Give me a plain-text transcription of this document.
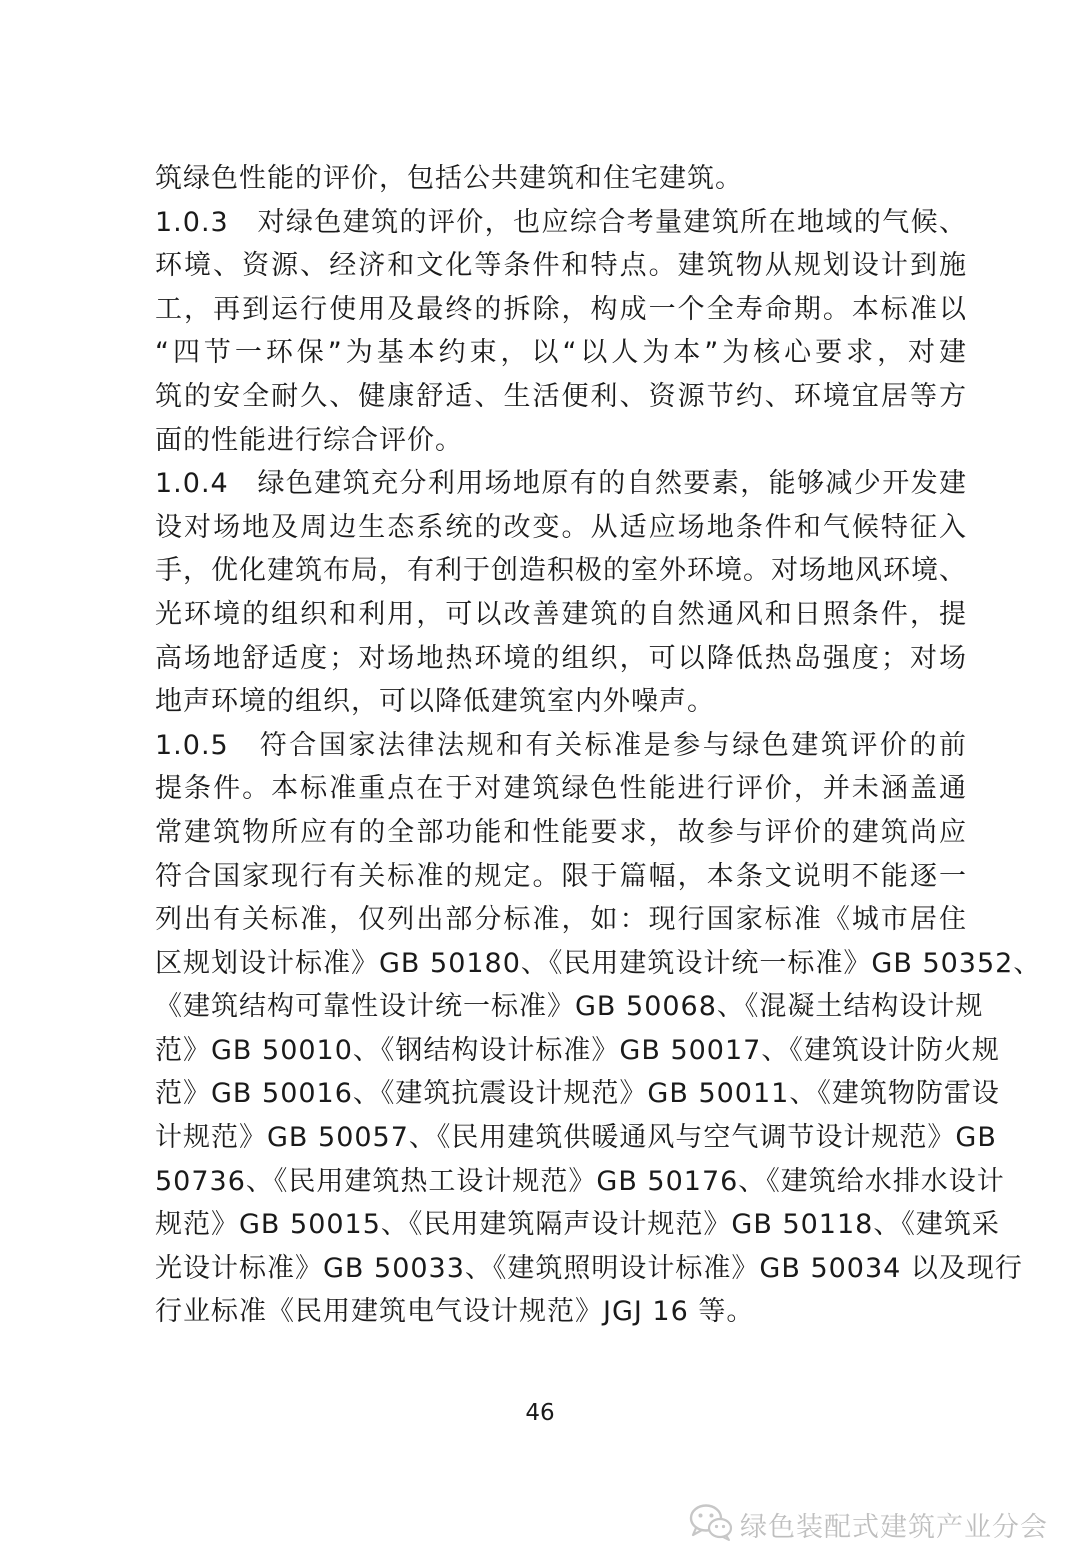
筑绿色性能的评价，包括公共建筑和住宅建筑。
1.0.3　对绿色建筑的评价，也应综合考量建筑所在地域的气候、
环境、资源、经济和文化等条件和特点。建筑物从规划设计到施
工，再到运行使用及最终的拆除，构成一个全寿命期。本标准以
“四节一环保”为基本约束，以“以人为本”为核心要求，对建
筑的安全耐久、健康舒适、生活便利、资源节约、环境宜居等方
面的性能进行综合评价。
1.0.4　绿色建筑充分利用场地原有的自然要素，能够减少开发建
设对场地及周边生态系统的改变。从适应场地条件和气候特征入
手，优化建筑布局，有利于创造积极的室外环境。对场地风环境、
光环境的组织和利用，可以改善建筑的自然通风和日照条件，提
高场地舒适度；对场地热环境的组织，可以降低热岛强度；对场
地声环境的组织，可以降低建筑室内外噪声。
1.0.5　符合国家法律法规和有关标准是参与绿色建筑评价的前
提条件。本标准重点在于对建筑绿色性能进行评价，并未涵盖通
常建筑物所应有的全部功能和性能要求，故参与评价的建筑尚应
符合国家现行有关标准的规定。限于篇幅，本条文说明不能逐一
列出有关标准，仅列出部分标准，如：现行国家标准《城市居住
区规划设计标准》GB 50180、《民用建筑设计统一标准》GB 50352、
《建筑结构可靠性设计统一标准》GB 50068、《混凝土结构设计规
范》GB 50010、《钢结构设计标准》GB 50017、《建筑设计防火规
范》GB 50016、《建筑抗震设计规范》GB 50011、《建筑物防雷设
计规范》GB 50057、《民用建筑供暖通风与空气调节设计规范》GB
50736、《民用建筑热工设计规范》GB 50176、《建筑给水排水设计
规范》GB 50015、《民用建筑隔声设计规范》GB 50118、《建筑采
光设计标准》GB 50033、《建筑照明设计标准》GB 50034 以及现行
行业标准《民用建筑电气设计规范》JGJ 16 等。
46
绿色装配式建筑产业分会
